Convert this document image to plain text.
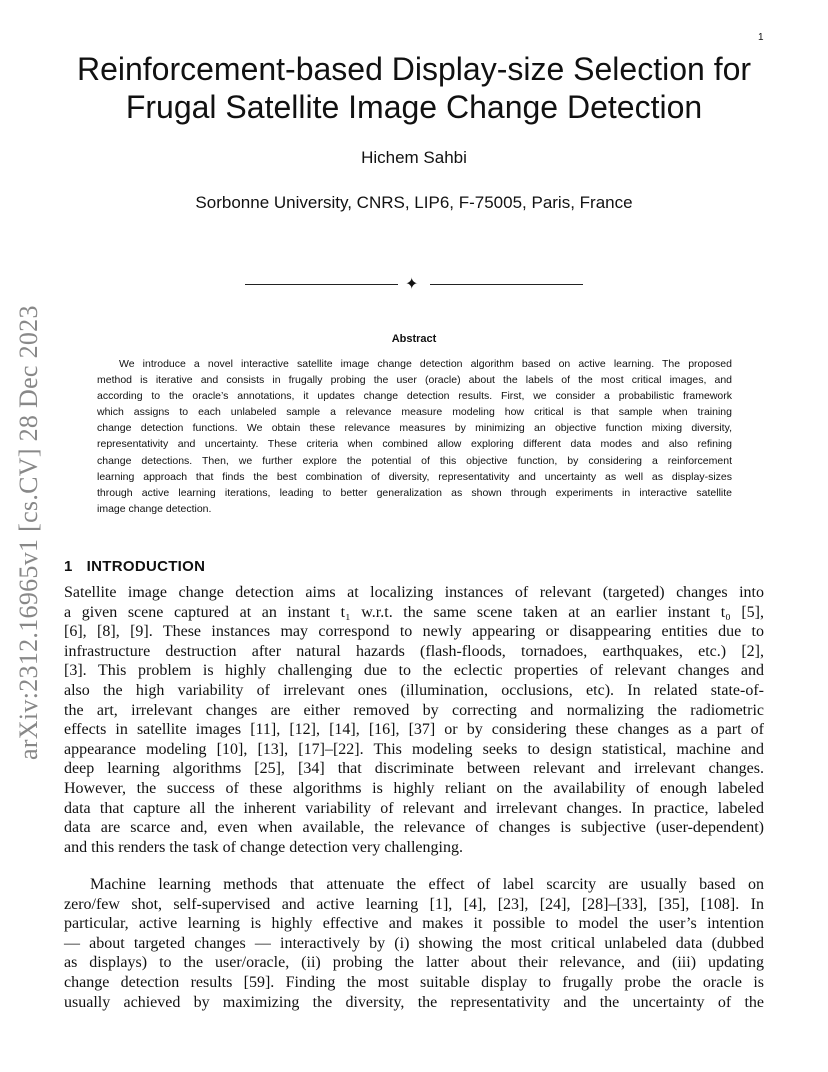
1
arXiv:2312.16965v1 [cs.CV] 28 Dec 2023
Reinforcement-based Display-size Selection for
Frugal Satellite Image Change Detection
Hichem Sahbi
Sorbonne University, CNRS, LIP6, F-75005, Paris, France
✦
Abstract
We introduce a novel interactive satellite image change detection algorithm based on active learning. The proposed
method is iterative and consists in frugally probing the user (oracle) about the labels of the most critical images, and
according to the oracle’s annotations, it updates change detection results. First, we consider a probabilistic framework
which assigns to each unlabeled sample a relevance measure modeling how critical is that sample when training
change detection functions. We obtain these relevance measures by minimizing an objective function mixing diversity,
representativity and uncertainty. These criteria when combined allow exploring different data modes and also refining
change detections. Then, we further explore the potential of this objective function, by considering a reinforcement
learning approach that finds the best combination of diversity, representativity and uncertainty as well as display-sizes
through active learning iterations, leading to better generalization as shown through experiments in interactive satellite
image change detection.
1 INTRODUCTION
Satellite image change detection aims at localizing instances of relevant (targeted) changes into
a given scene captured at an instant t₁ w.r.t. the same scene taken at an earlier instant t₀ [5],
[6], [8], [9]. These instances may correspond to newly appearing or disappearing entities due to
infrastructure destruction after natural hazards (flash-floods, tornadoes, earthquakes, etc.) [2],
[3]. This problem is highly challenging due to the eclectic properties of relevant changes and
also the high variability of irrelevant ones (illumination, occlusions, etc). In related state-of-
the art, irrelevant changes are either removed by correcting and normalizing the radiometric
effects in satellite images [11], [12], [14], [16], [37] or by considering these changes as a part of
appearance modeling [10], [13], [17]–[22]. This modeling seeks to design statistical, machine and
deep learning algorithms [25], [34] that discriminate between relevant and irrelevant changes.
However, the success of these algorithms is highly reliant on the availability of enough labeled
data that capture all the inherent variability of relevant and irrelevant changes. In practice, labeled
data are scarce and, even when available, the relevance of changes is subjective (user-dependent)
and this renders the task of change detection very challenging.
Machine learning methods that attenuate the effect of label scarcity are usually based on
zero/few shot, self-supervised and active learning [1], [4], [23], [24], [28]–[33], [35], [108]. In
particular, active learning is highly effective and makes it possible to model the user’s intention
— about targeted changes — interactively by (i) showing the most critical unlabeled data (dubbed
as displays) to the user/oracle, (ii) probing the latter about their relevance, and (iii) updating
change detection results [59]. Finding the most suitable display to frugally probe the oracle is
usually achieved by maximizing the diversity, the representativity and the uncertainty of the
